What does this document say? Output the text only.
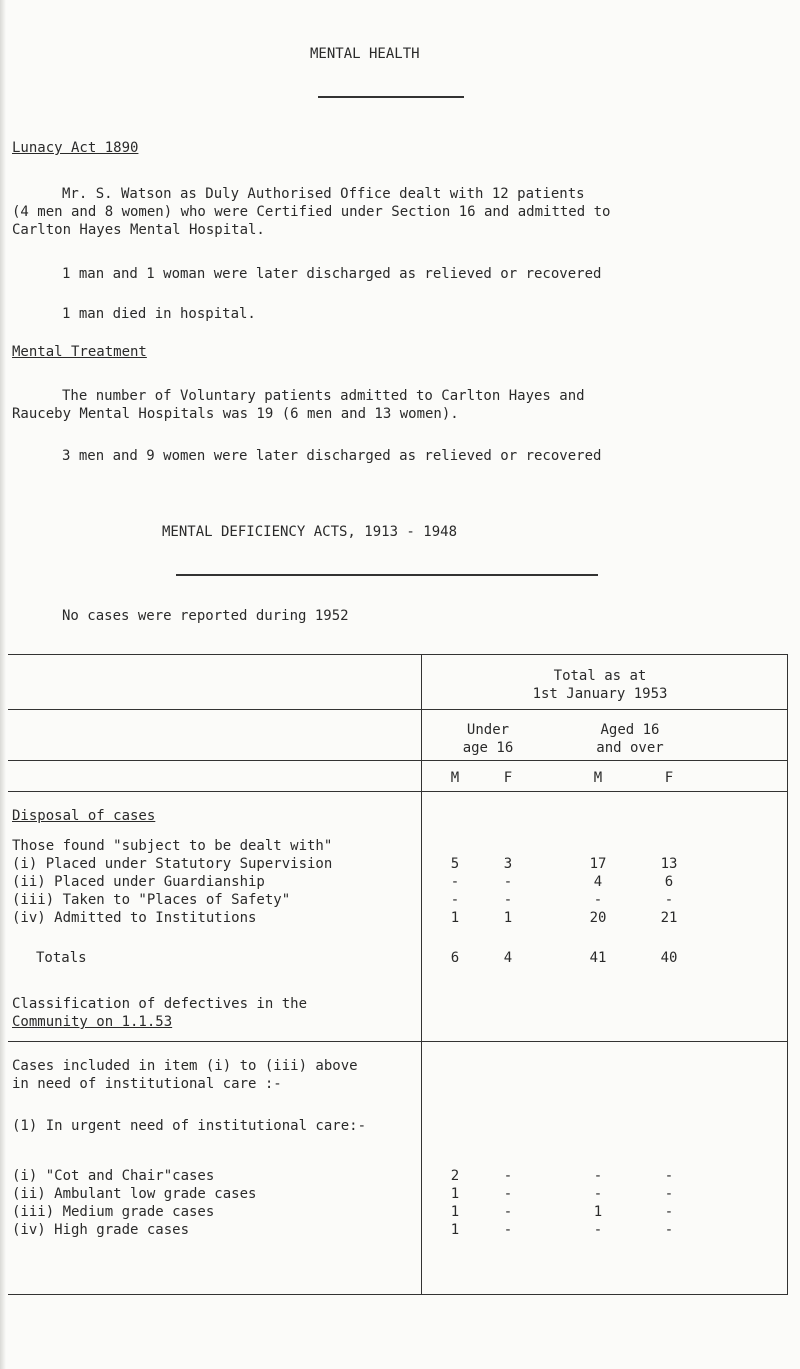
MENTAL HEALTH
Lunacy Act 1890
Mr. S. Watson as Duly Authorised Office dealt with 12 patients
(4 men and 8 women) who were Certified under Section 16 and admitted to
Carlton Hayes Mental Hospital.
1 man and 1 woman were later discharged as relieved or recovered
1 man died in hospital.
Mental Treatment
The number of Voluntary patients admitted to Carlton Hayes and
Rauceby Mental Hospitals was 19 (6 men and 13 women).
3 men and 9 women were later discharged as relieved or recovered
MENTAL DEFICIENCY ACTS, 1913 - 1948
No cases were reported during 1952
Total as at
1st January 1953
Under
age 16
Aged 16
and over
M	F	M	F
Disposal of cases
Those found "subject to be dealt with"
(i) Placed under Statutory Supervision	5	3	17	13
(ii) Placed under Guardianship	-	-	4	6
(iii) Taken to "Places of Safety"	-	-	-	-
(iv) Admitted to Institutions	1	1	20	21
Totals	6	4	41	40
Classification of defectives in the
Community on 1.1.53
Cases included in item (i) to (iii) above
in need of institutional care :-
(1) In urgent need of institutional care:-
(i) "Cot and Chair"cases	2	-	-	-
(ii) Ambulant low grade cases	1	-	-	-
(iii) Medium grade cases	1	-	1	-
(iv) High grade cases	1	-	-	-
